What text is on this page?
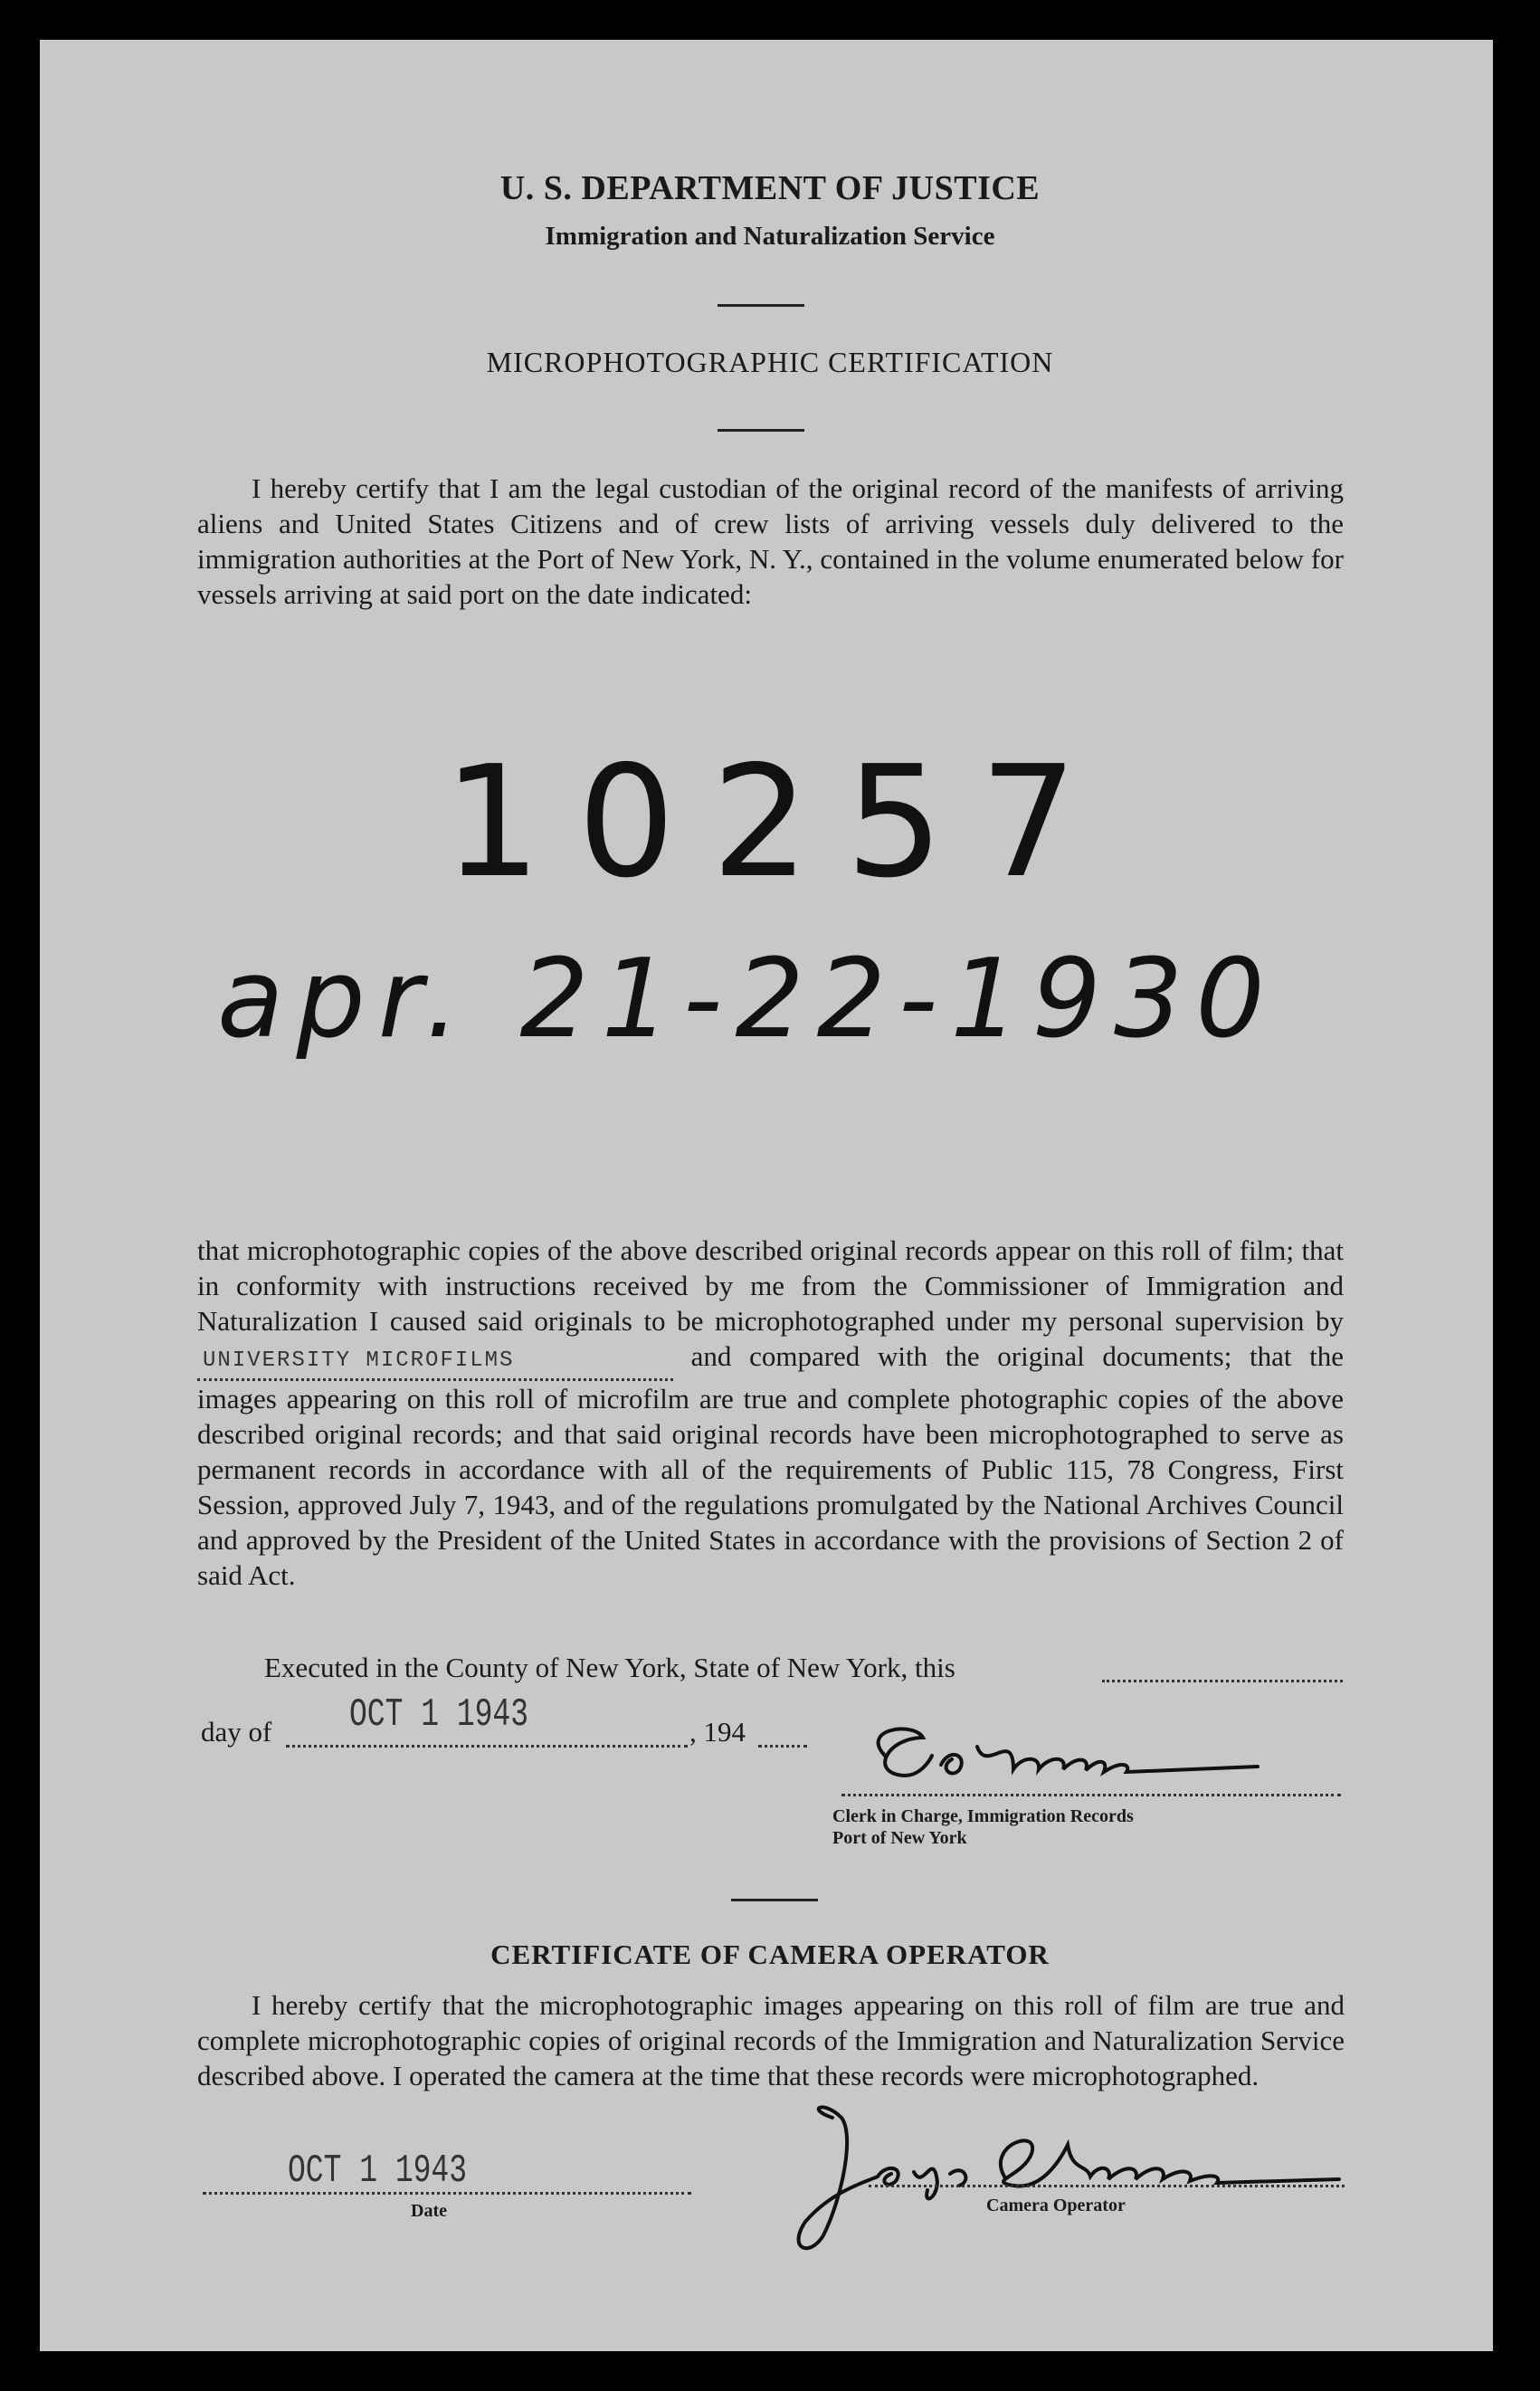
U. S. DEPARTMENT OF JUSTICE
Immigration and Naturalization Service
MICROPHOTOGRAPHIC CERTIFICATION
I hereby certify that I am the legal custodian of the original record of the manifests of arriving aliens and United States Citizens and of crew lists of arriving vessels duly delivered to the immigration authorities at the Port of New York, N. Y., contained in the volume enumerated below for vessels arriving at said port on the date indicated:
10257
apr. 21-22-1930
that microphotographic copies of the above described original records appear on this roll of film; that in conformity with instructions received by me from the Commissioner of Immigration and Naturalization I caused said originals to be microphotographed under my personal supervision by UNIVERSITY MICROFILMS	and compared with the original documents; that the images appearing on this roll of microfilm are true and complete photographic copies of the above described original records; and that said original records have been microphotographed to serve as permanent records in accordance with all of the requirements of Public 115, 78 Congress, First Session, approved July 7, 1943, and of the regulations promulgated by the National Archives Council and approved by the President of the United States in accordance with the provisions of Section 2 of said Act.
Executed in the County of New York, State of New York, this
day of OCT 1 1943	, 194
Clerk in Charge, Immigration Records
Port of New York
CERTIFICATE OF CAMERA OPERATOR
I hereby certify that the microphotographic images appearing on this roll of film are true and complete microphotographic copies of original records of the Immigration and Naturalization Service described above. I operated the camera at the time that these records were microphotographed.
OCT 1 1943
Date	Camera Operator
